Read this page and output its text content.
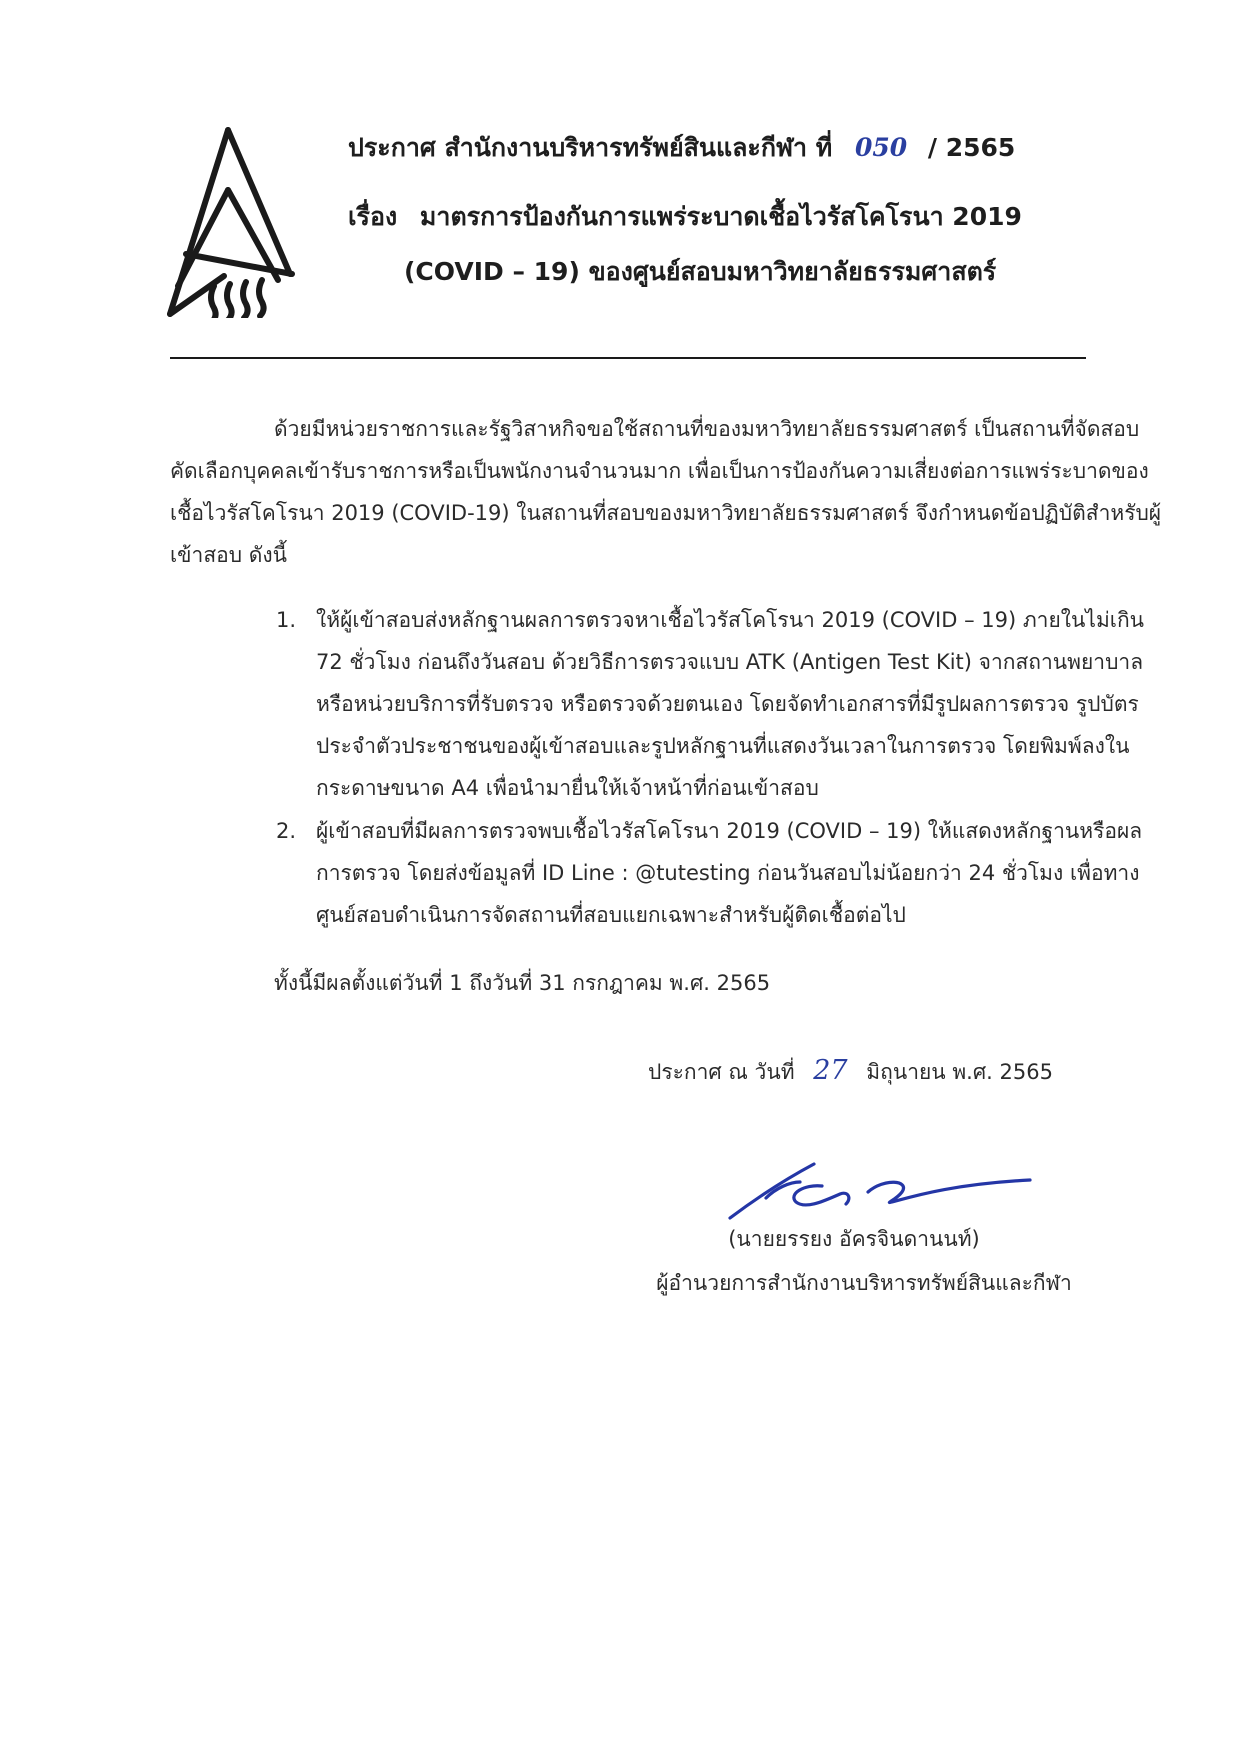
ประกาศ สำนักงานบริหารทรัพย์สินและกีฬา ที่ 050 / 2565
เรื่อง มาตรการป้องกันการแพร่ระบาดเชื้อไวรัสโคโรนา 2019
(COVID – 19) ของศูนย์สอบมหาวิทยาลัยธรรมศาสตร์
ด้วยมีหน่วยราชการและรัฐวิสาหกิจขอใช้สถานที่ของมหาวิทยาลัยธรรมศาสตร์ เป็นสถานที่จัดสอบ
คัดเลือกบุคคลเข้ารับราชการหรือเป็นพนักงานจำนวนมาก เพื่อเป็นการป้องกันความเสี่ยงต่อการแพร่ระบาดของ
เชื้อไวรัสโคโรนา 2019 (COVID-19) ในสถานที่สอบของมหาวิทยาลัยธรรมศาสตร์ จึงกำหนดข้อปฏิบัติสำหรับผู้
เข้าสอบ ดังนี้
1. ให้ผู้เข้าสอบส่งหลักฐานผลการตรวจหาเชื้อไวรัสโคโรนา 2019 (COVID – 19) ภายในไม่เกิน
72 ชั่วโมง ก่อนถึงวันสอบ ด้วยวิธีการตรวจแบบ ATK (Antigen Test Kit) จากสถานพยาบาล
หรือหน่วยบริการที่รับตรวจ หรือตรวจด้วยตนเอง โดยจัดทำเอกสารที่มีรูปผลการตรวจ รูปบัตร
ประจำตัวประชาชนของผู้เข้าสอบและรูปหลักฐานที่แสดงวันเวลาในการตรวจ โดยพิมพ์ลงใน
กระดาษขนาด A4 เพื่อนำมายื่นให้เจ้าหน้าที่ก่อนเข้าสอบ
2. ผู้เข้าสอบที่มีผลการตรวจพบเชื้อไวรัสโคโรนา 2019 (COVID – 19) ให้แสดงหลักฐานหรือผล
การตรวจ โดยส่งข้อมูลที่ ID Line : @tutesting ก่อนวันสอบไม่น้อยกว่า 24 ชั่วโมง เพื่อทาง
ศูนย์สอบดำเนินการจัดสถานที่สอบแยกเฉพาะสำหรับผู้ติดเชื้อต่อไป
ทั้งนี้มีผลตั้งแต่วันที่ 1 ถึงวันที่ 31 กรกฎาคม พ.ศ. 2565
ประกาศ ณ วันที่ 27 มิถุนายน พ.ศ. 2565
(นายยรรยง อัครจินดานนท์)
ผู้อำนวยการสำนักงานบริหารทรัพย์สินและกีฬา
